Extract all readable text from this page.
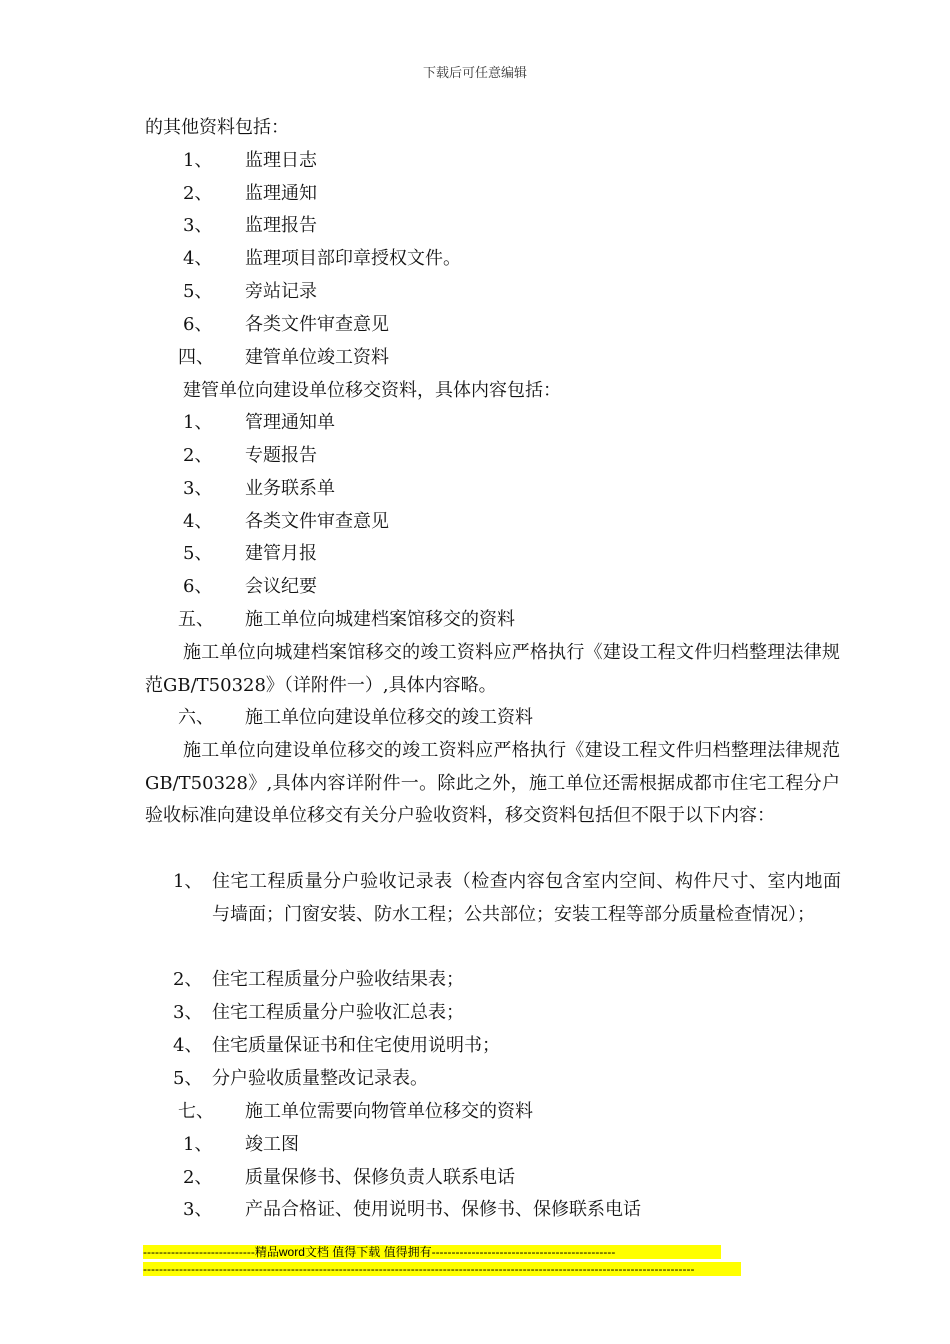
下载后可任意编辑
的其他资料包括：
1、 监理日志
2、 监理通知
3、 监理报告
4、 监理项目部印章授权文件。
5、 旁站记录
6、 各类文件审查意见
四、 建管单位竣工资料
建管单位向建设单位移交资料，具体内容包括：
1、 管理通知单
2、 专题报告
3、 业务联系单
4、 各类文件审查意见
5、 建管月报
6、 会议纪要
五、 施工单位向城建档案馆移交的资料
施工单位向城建档案馆移交的竣工资料应严格执行《建设工程文件归档整理法律规范GB/T50328》（详附件一）,具体内容略。
六、 施工单位向建设单位移交的竣工资料
施工单位向建设单位移交的竣工资料应严格执行《建设工程文件归档整理法律规范GB/T50328》,具体内容详附件一。除此之外，施工单位还需根据成都市住宅工程分户验收标准向建设单位移交有关分户验收资料，移交资料包括但不限于以下内容：
1、 住宅工程质量分户验收记录表（检查内容包含室内空间、构件尺寸、室内地面与墙面；门窗安装、防水工程；公共部位；安装工程等部分质量检查情况）；
2、 住宅工程质量分户验收结果表；
3、 住宅工程质量分户验收汇总表；
4、 住宅质量保证书和住宅使用说明书；
5、 分户验收质量整改记录表。
七、 施工单位需要向物管单位移交的资料
1、 竣工图
2、 质量保修书、保修负责人联系电话
3、 产品合格证、使用说明书、保修书、保修联系电话
----------------------------精品word文档 值得下载 值得拥有----------------------------------------------
------------------------------------------------------------------------------------------------------------------------------------------
